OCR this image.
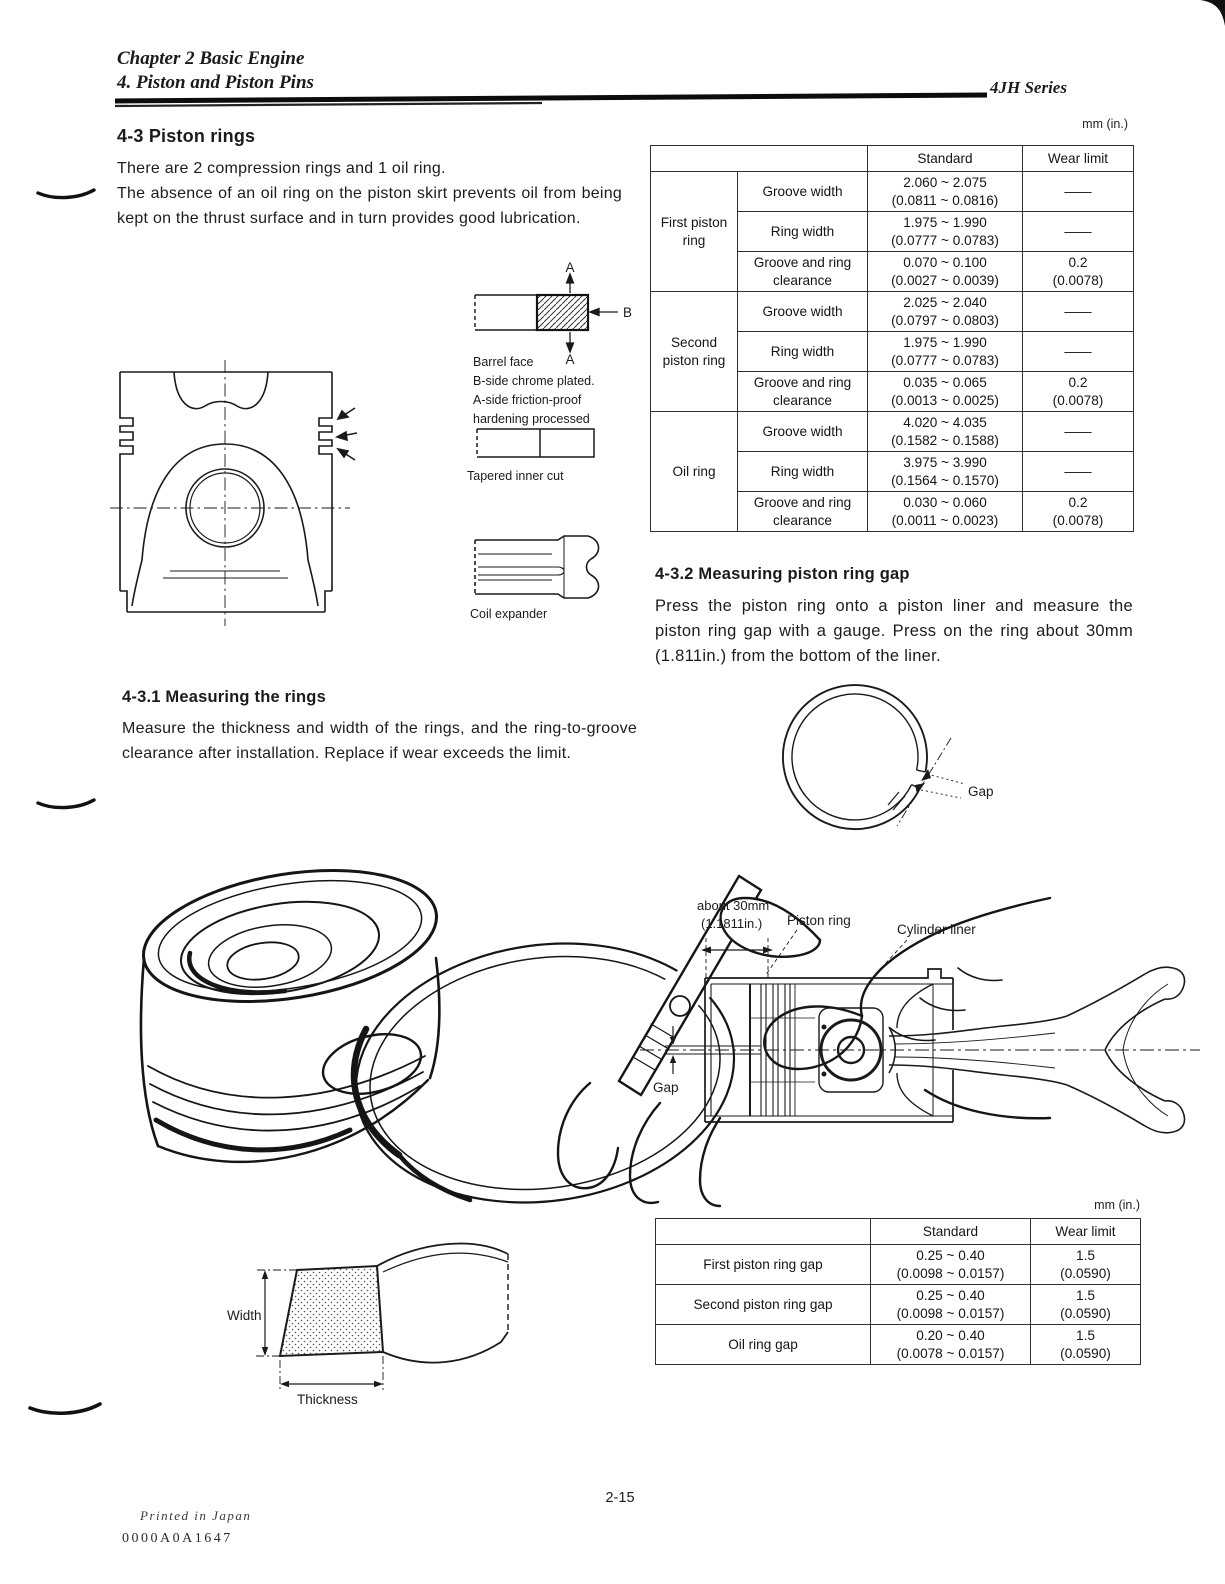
Chapter 2 Basic Engine
4. Piston and Piston Pins	4JH Series
4-3 Piston rings
There are 2 compression rings and 1 oil ring.
The absence of an oil ring on the piston skirt prevents oil from being kept on the thrust surface and in turn provides good lubrication.
A
A
B
Barrel face
B-side chrome plated.
A-side friction-proof
hardening processed
Tapered inner cut
Coil expander
mm (in.)
		Standard	Wear limit
First piston ring	Groove width	2.060 ~ 2.075
(0.0811 ~ 0.0816)	——
	Ring width	1.975 ~ 1.990
(0.0777 ~ 0.0783)	——
	Groove and ring clearance	0.070 ~ 0.100
(0.0027 ~ 0.0039)	0.2
(0.0078)
Second piston ring	Groove width	2.025 ~ 2.040
(0.0797 ~ 0.0803)	——
	Ring width	1.975 ~ 1.990
(0.0777 ~ 0.0783)	——
	Groove and ring clearance	0.035 ~ 0.065
(0.0013 ~ 0.0025)	0.2
(0.0078)
Oil ring	Groove width	4.020 ~ 4.035
(0.1582 ~ 0.1588)	——
	Ring width	3.975 ~ 3.990
(0.1564 ~ 0.1570)	——
	Groove and ring clearance	0.030 ~ 0.060
(0.0011 ~ 0.0023)	0.2
(0.0078)
4-3.2 Measuring piston ring gap
Press the piston ring onto a piston liner and measure the piston ring gap with a gauge. Press on the ring about 30mm (1.811in.) from the bottom of the liner.
Gap
4-3.1 Measuring the rings
Measure the thickness and width of the rings, and the ring-to-groove clearance after installation. Replace if wear exceeds the limit.
about 30mm
(1.1811in.) Piston ring
Cylinder liner
Gap
Width
Thickness
mm (in.)
	Standard	Wear limit
First piston ring gap	0.25 ~ 0.40
(0.0098 ~ 0.0157)	1.5
(0.0590)
Second piston ring gap	0.25 ~ 0.40
(0.0098 ~ 0.0157)	1.5
(0.0590)
Oil ring gap	0.20 ~ 0.40
(0.0078 ~ 0.0157)	1.5
(0.0590)
2-15
Printed in Japan
0000A0A1647
